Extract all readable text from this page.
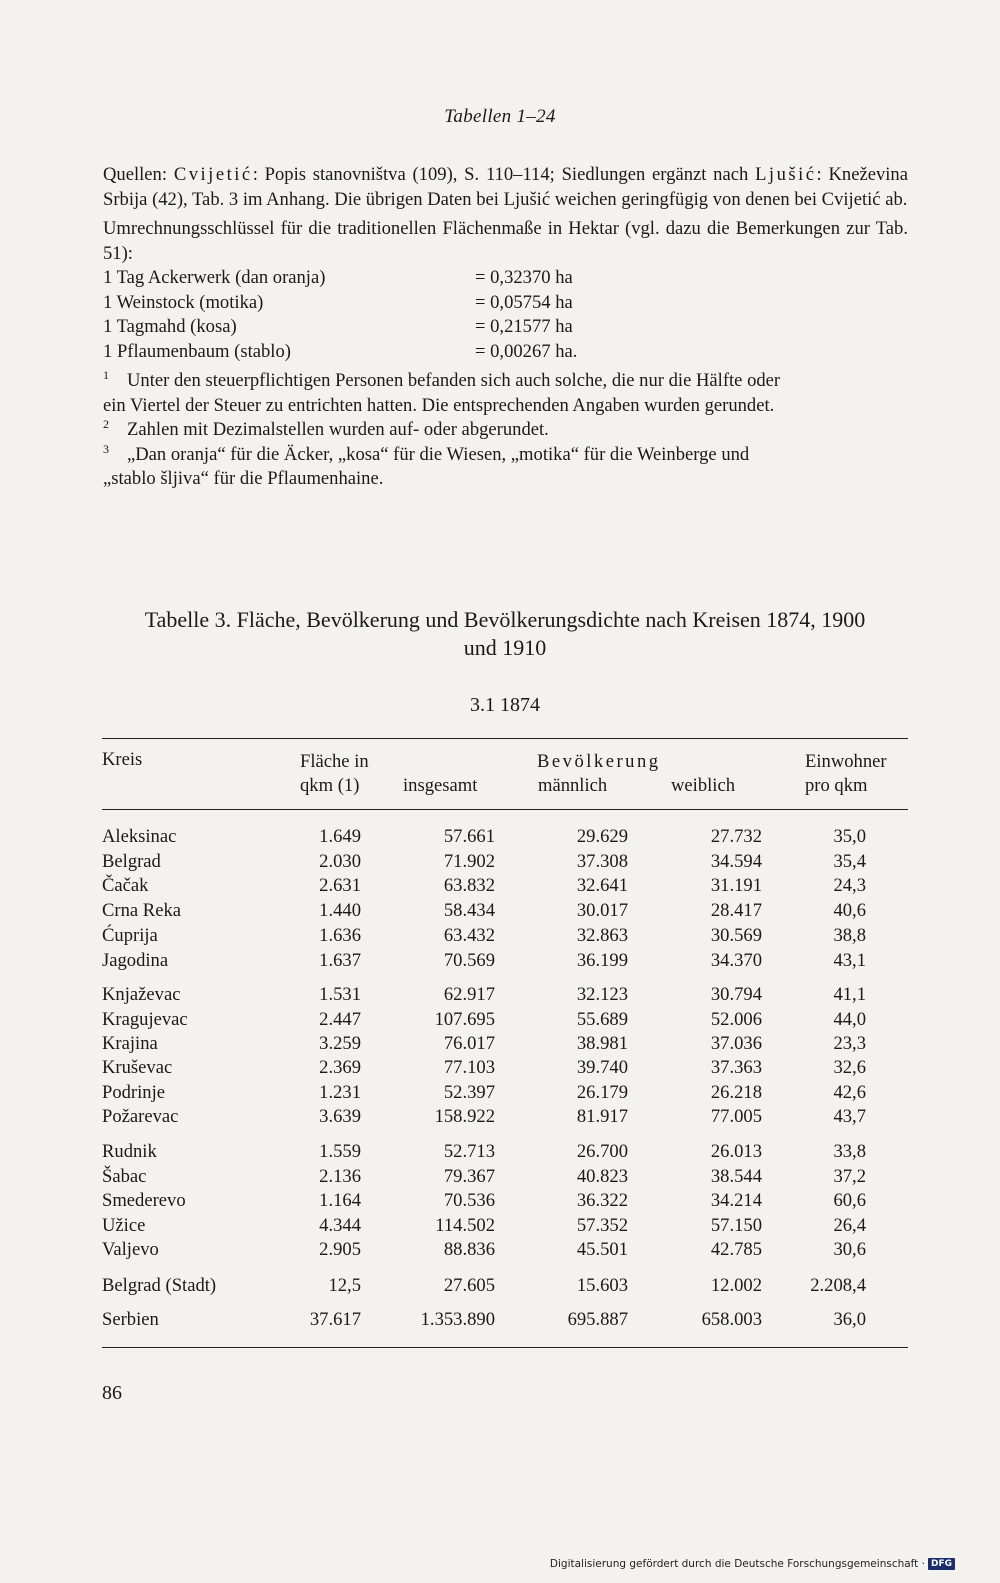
Tabellen 1–24

Quellen: Cvijetić: Popis stanovništva (109), S. 110–114; Siedlungen ergänzt nach Ljušić: Kneževina Srbija (42), Tab. 3 im Anhang. Die übrigen Daten bei Ljušić weichen geringfügig von denen bei Cvijetić ab.

Umrechnungsschlüssel für die traditionellen Flächenmaße in Hektar (vgl. dazu die Bemerkungen zur Tab. 51):

1 Tag Ackerwerk (dan oranja)	= 0,32370 ha
1 Weinstock (motika)	= 0,05754 ha
1 Tagmahd (kosa)	= 0,21577 ha
1 Pflaumenbaum (stablo)	= 0,00267 ha.
1 Unter den steuerpflichtigen Personen befanden sich auch solche, die nur die Hälfte oder

ein Viertel der Steuer zu entrichten hatten. Die entsprechenden Angaben wurden gerundet.

2 Zahlen mit Dezimalstellen wurden auf- oder abgerundet.
3 „Dan oranja“ für die Äcker, „kosa“ für die Wiesen, „motika“ für die Weinberge und

„stablo šljiva“ für die Pflaumenhaine.

Tabelle 3. Fläche, Bevölkerung und Bevölkerungsdichte nach Kreisen 1874, 1900
und 1910
3.1 1874
Kreis	Fläche in
qkm (1)
Bevölkerung
insgesamt	männlich	weiblich
Einwohner
pro qkm
Aleksinac	1.649	57.661	29.629	27.732	35,0
Belgrad	2.030	71.902	37.308	34.594	35,4
Čačak	2.631	63.832	32.641	31.191	24,3
Crna Reka	1.440	58.434	30.017	28.417	40,6
Ćuprija	1.636	63.432	32.863	30.569	38,8
Jagodina	1.637	70.569	36.199	34.370	43,1
Knjaževac	1.531	62.917	32.123	30.794	41,1
Kragujevac	2.447	107.695	55.689	52.006	44,0
Krajina	3.259	76.017	38.981	37.036	23,3
Kruševac	2.369	77.103	39.740	37.363	32,6
Podrinje	1.231	52.397	26.179	26.218	42,6
Požarevac	3.639	158.922	81.917	77.005	43,7
Rudnik	1.559	52.713	26.700	26.013	33,8
Šabac	2.136	79.367	40.823	38.544	37,2
Smederevo	1.164	70.536	36.322	34.214	60,6
Užice	4.344	114.502	57.352	57.150	26,4
Valjevo	2.905	88.836	45.501	42.785	30,6
Belgrad (Stadt)	12,5	27.605	15.603	12.002	2.208,4
Serbien	37.617	1.353.890	695.887	658.003	36,0
86
Digitalisierung gefördert durch die Deutsche Forschungsgemeinschaft · DFG
